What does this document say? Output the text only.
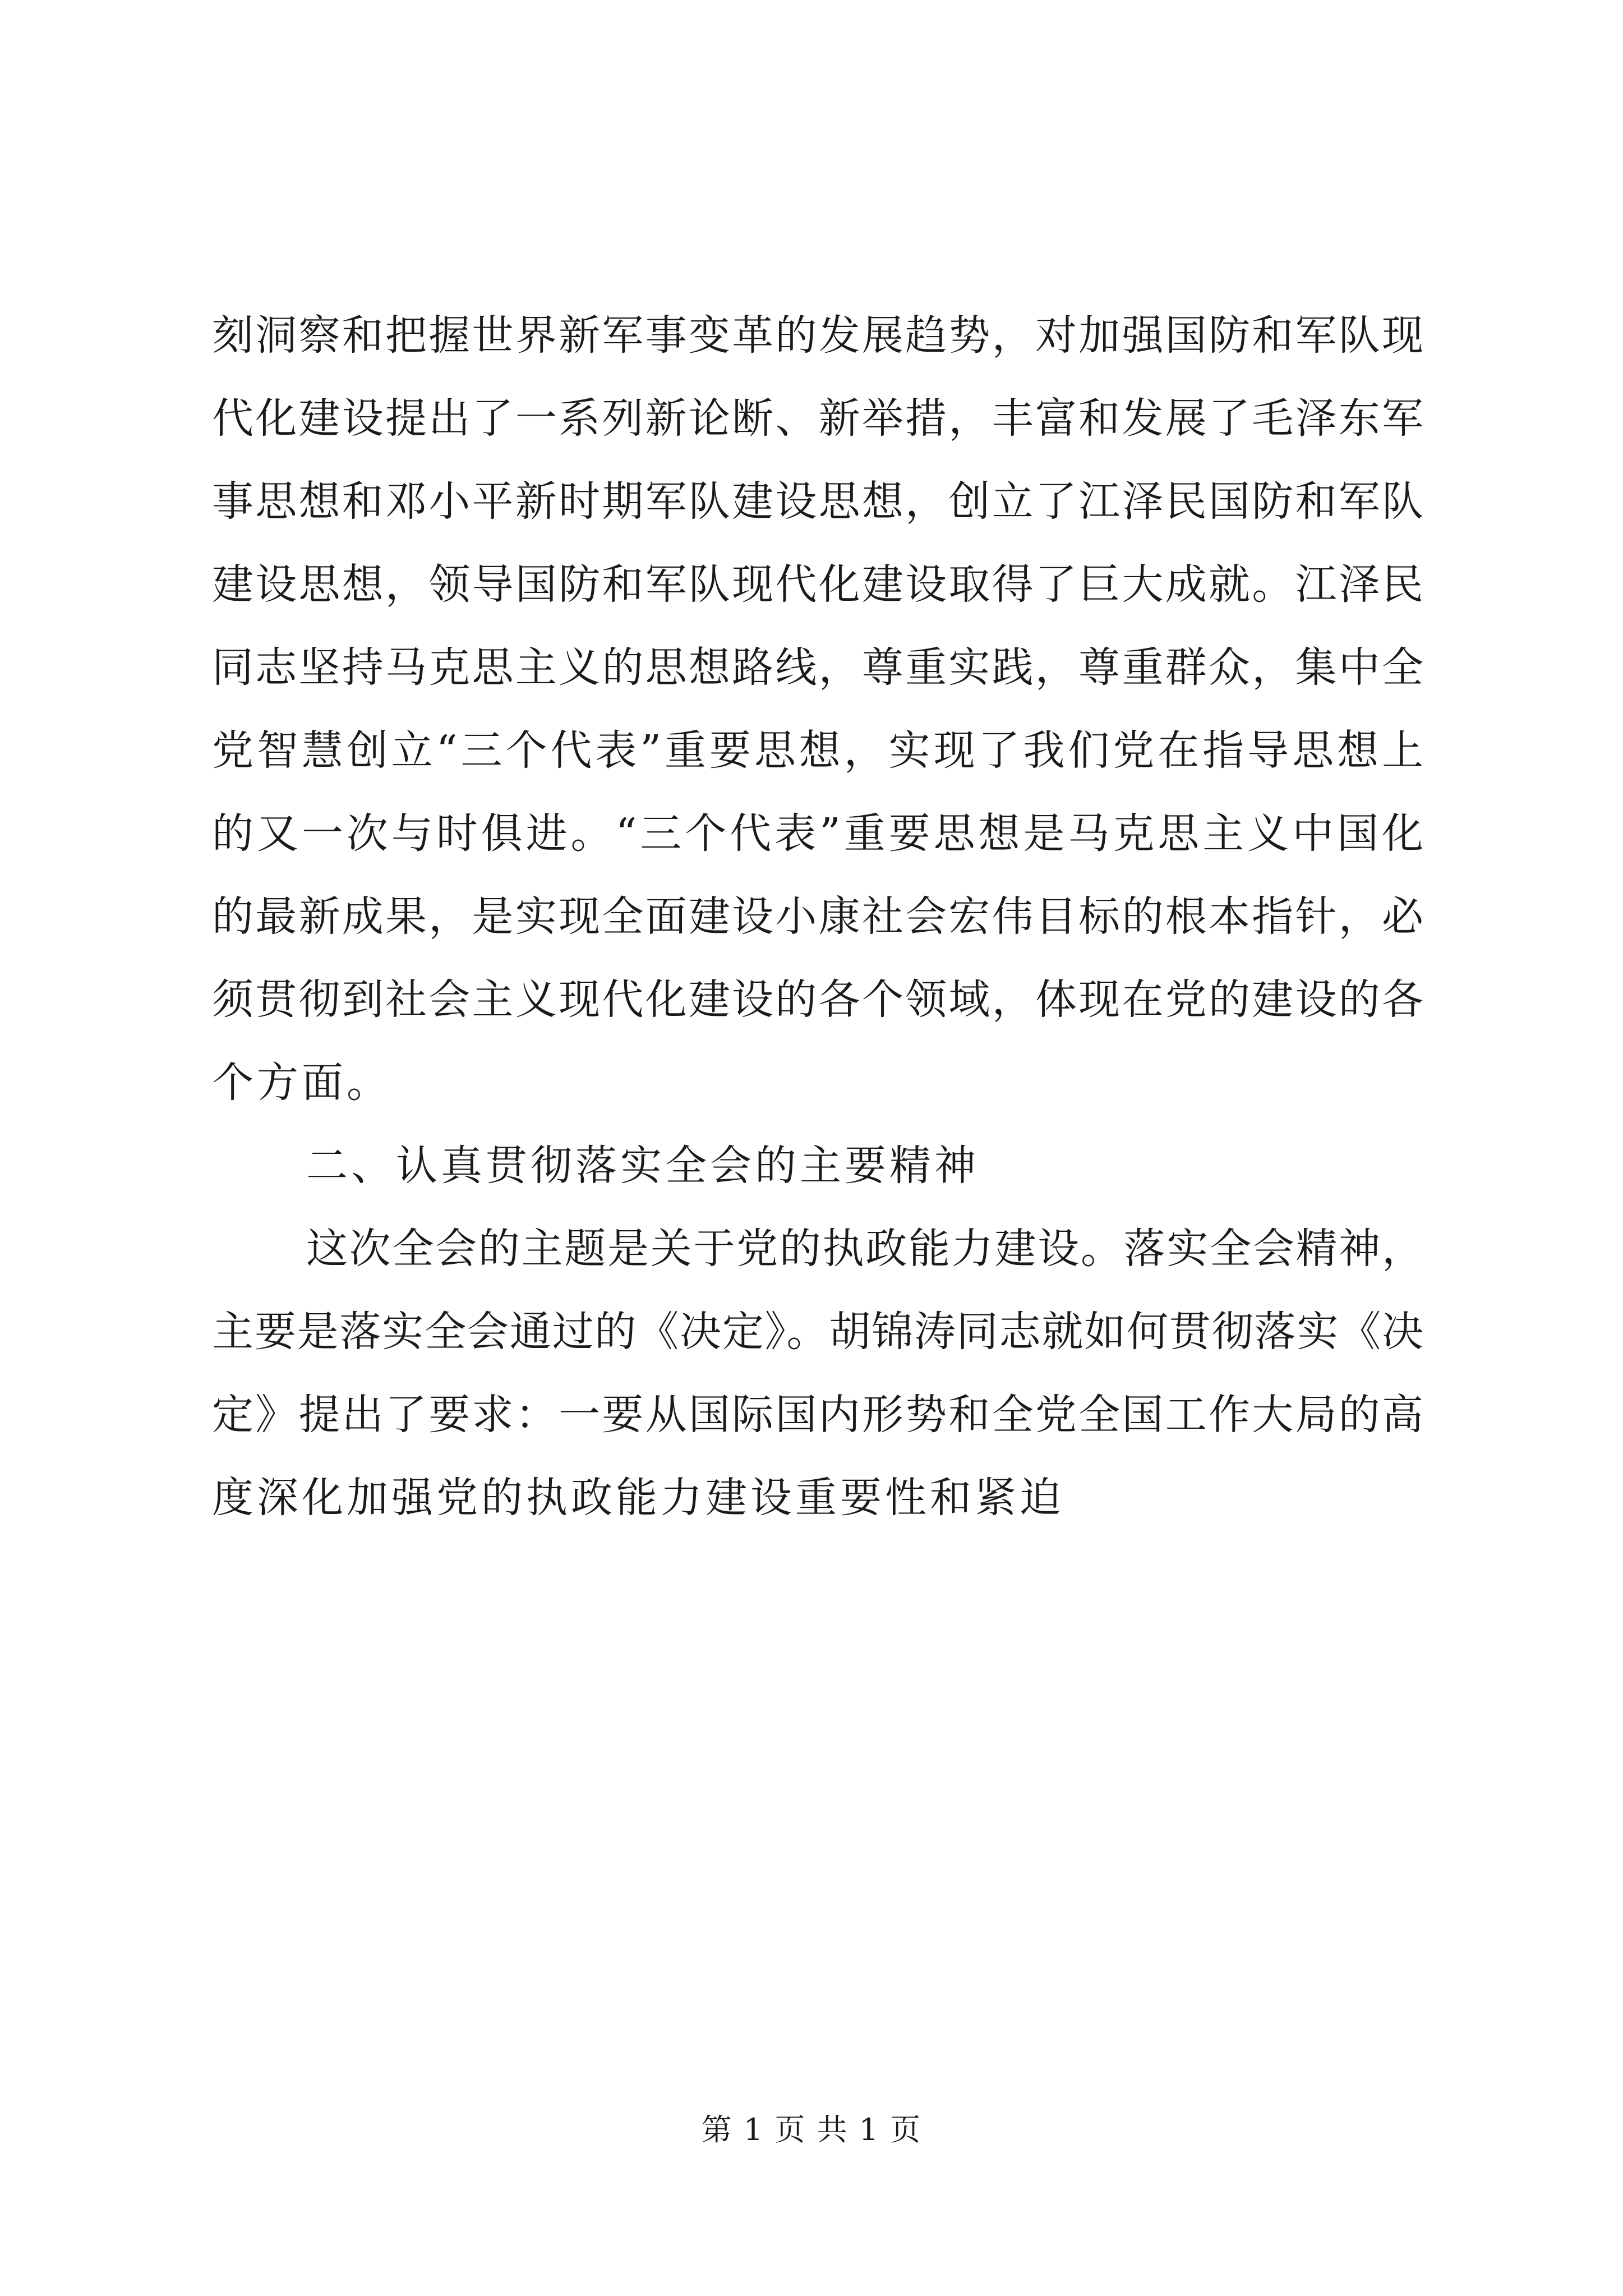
刻洞察和把握世界新军事变革的发展趋势，对加强国防和军队现
代化建设提出了一系列新论断、新举措，丰富和发展了毛泽东军
事思想和邓小平新时期军队建设思想，创立了江泽民国防和军队
建设思想，领导国防和军队现代化建设取得了巨大成就。江泽民
同志坚持马克思主义的思想路线，尊重实践，尊重群众，集中全
党智慧创立“三个代表”重要思想，实现了我们党在指导思想上
的又一次与时俱进。“三个代表”重要思想是马克思主义中国化
的最新成果，是实现全面建设小康社会宏伟目标的根本指针，必
须贯彻到社会主义现代化建设的各个领域，体现在党的建设的各
个方面。
二、认真贯彻落实全会的主要精神
这次全会的主题是关于党的执政能力建设。落实全会精神，
主要是落实全会通过的《决定》。胡锦涛同志就如何贯彻落实《决
定》提出了要求：一要从国际国内形势和全党全国工作大局的高
度深化加强党的执政能力建设重要性和紧迫
第 1 页 共 1 页
